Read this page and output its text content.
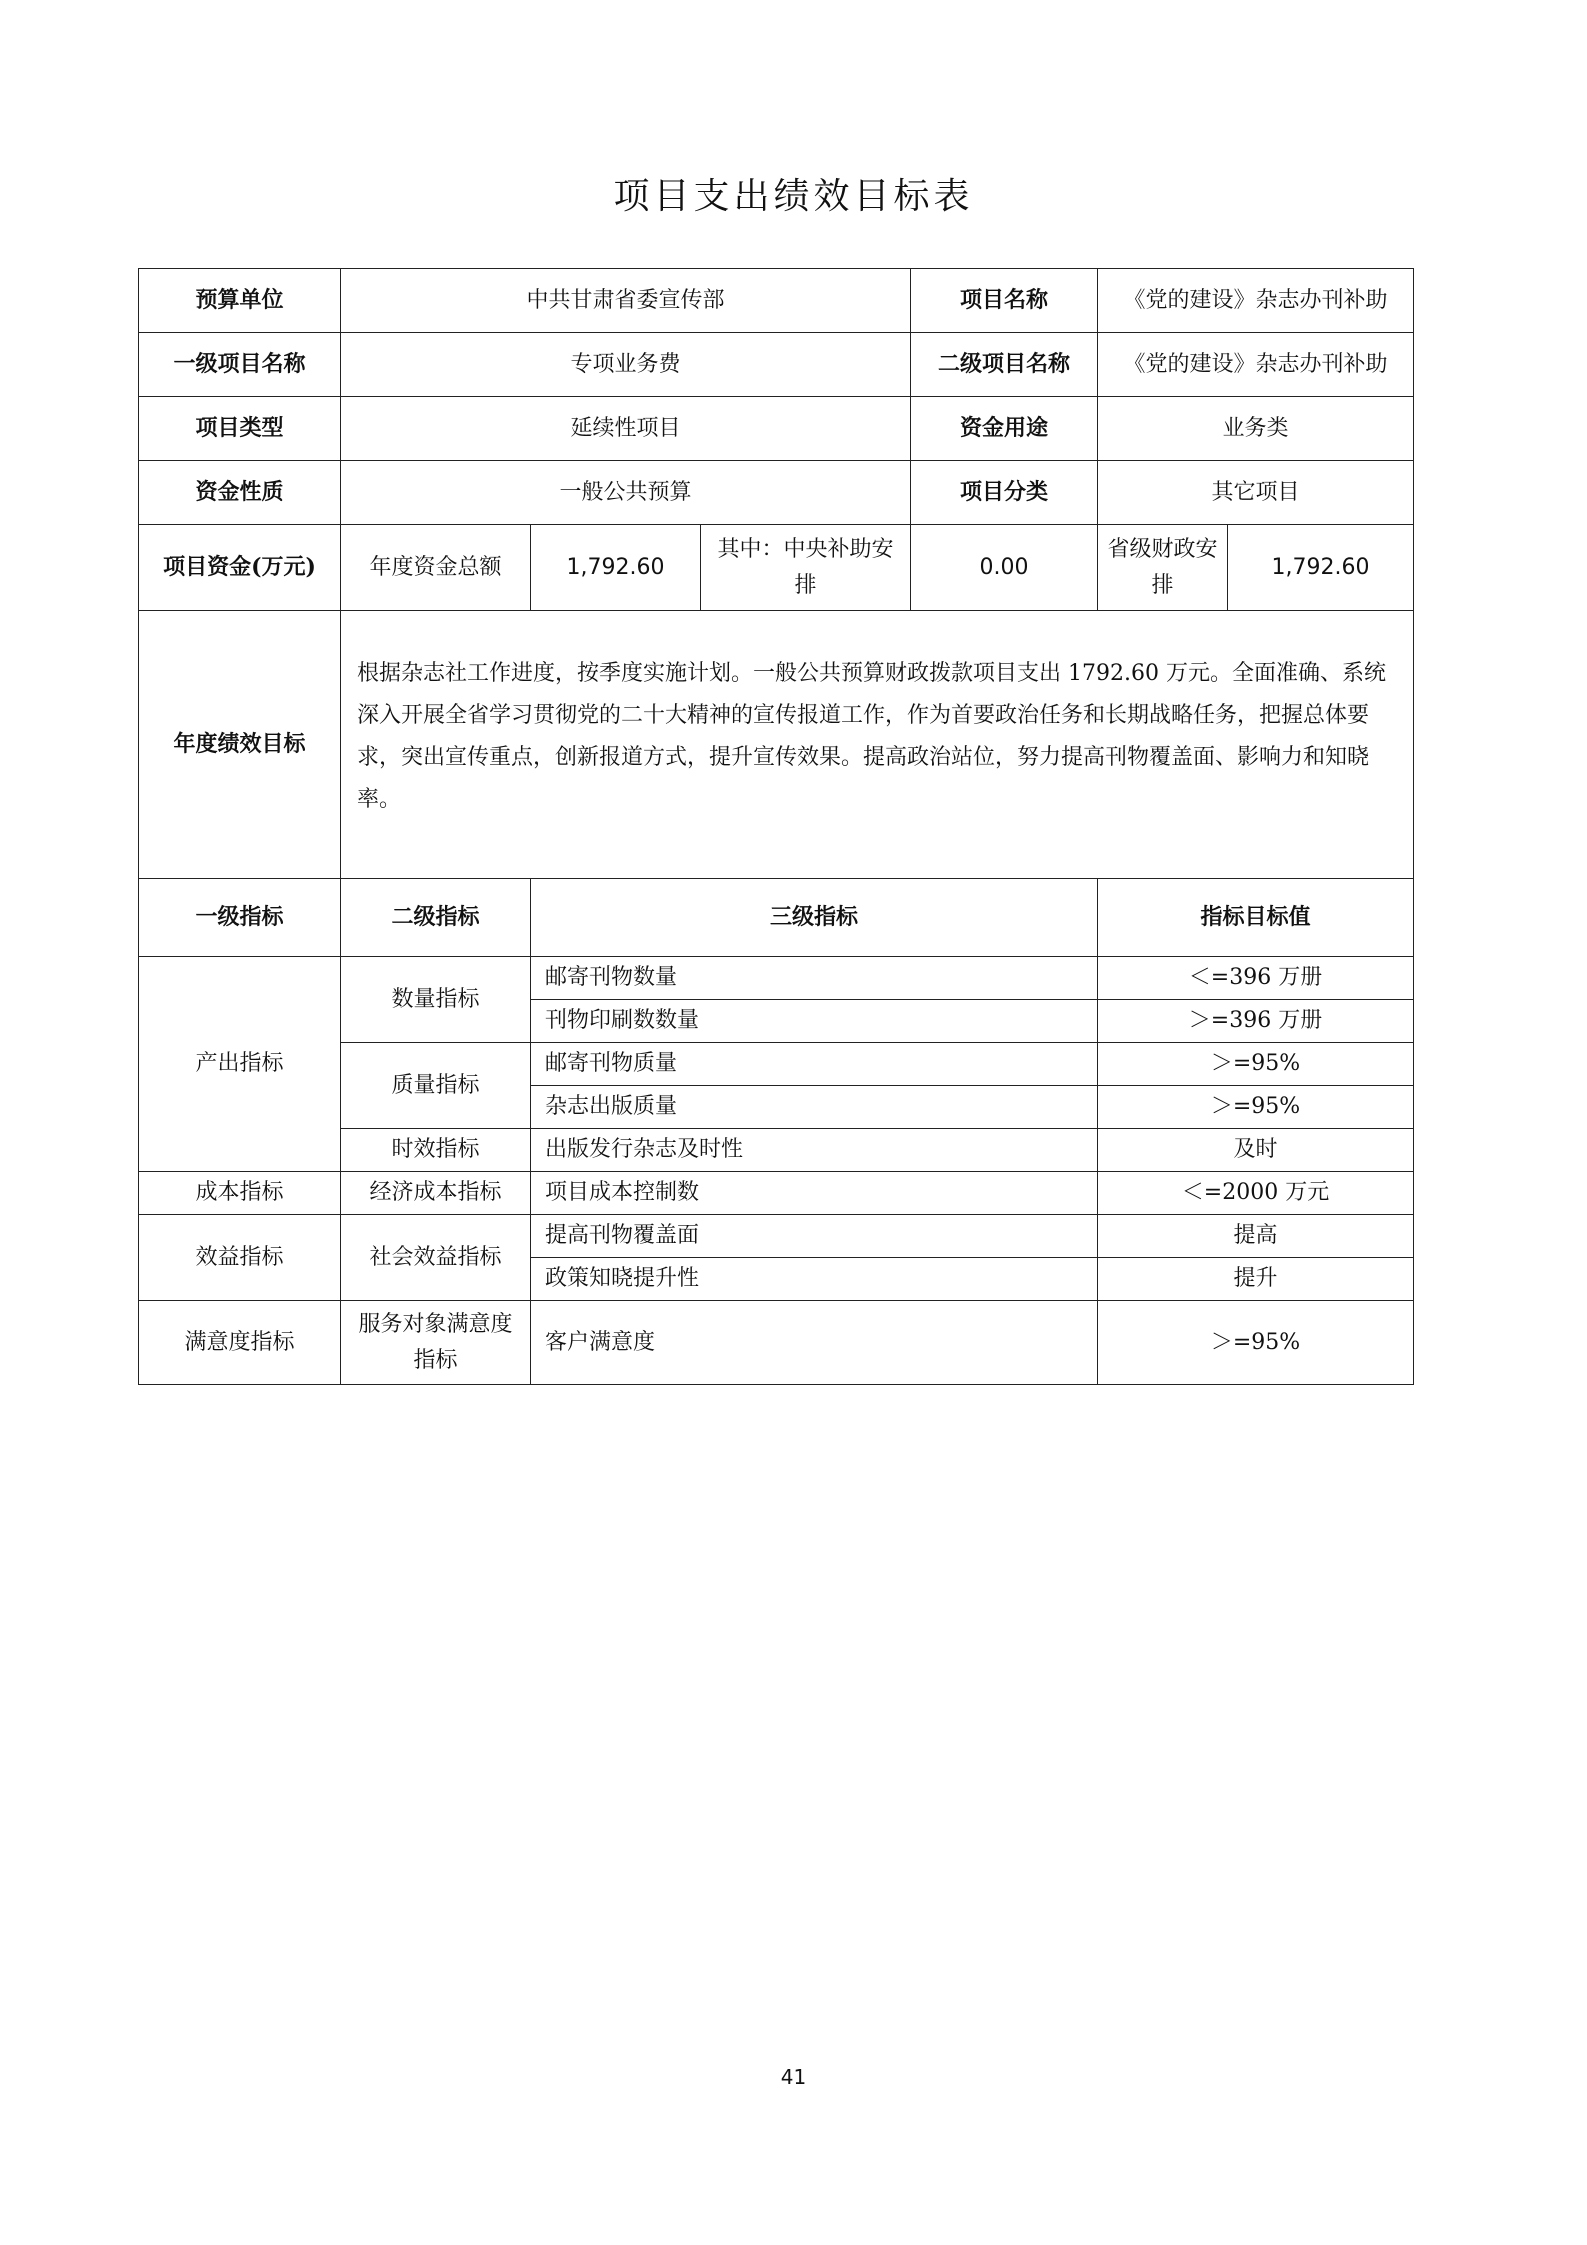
项目支出绩效目标表
预算单位	中共甘肃省委宣传部			项目名称	《党的建设》杂志办刊补助	
一级项目名称	专项业务费			二级项目名称	《党的建设》杂志办刊补助	
项目类型	延续性项目			资金用途	业务类	
资金性质	一般公共预算			项目分类	其它项目	
项目资金(万元)	年度资金总额	1,792.60	其中：中央补助安排	0.00	省级财政安排	1,792.60
年度绩效目标	根据杂志社工作进度，按季度实施计划。一般公共预算财政拨款项目支出 1792.60 万元。全面准确、系统深入开展全省学习贯彻党的二十大精神的宣传报道工作，作为首要政治任务和长期战略任务，把握总体要求，突出宣传重点，创新报道方式，提升宣传效果。提高政治站位，努力提高刊物覆盖面、影响力和知晓率。					
一级指标	二级指标	三级指标			指标目标值	
产出指标	数量指标	邮寄刊物数量			＜=396 万册	
		刊物印刷数数量			＞=396 万册	
	质量指标	邮寄刊物质量			＞=95%	
		杂志出版质量			＞=95%	
	时效指标	出版发行杂志及时性			及时	
成本指标	经济成本指标	项目成本控制数			＜=2000 万元	
效益指标	社会效益指标	提高刊物覆盖面			提高	
		政策知晓提升性			提升	
满意度指标	服务对象满意度指标	客户满意度			＞=95%	
41
